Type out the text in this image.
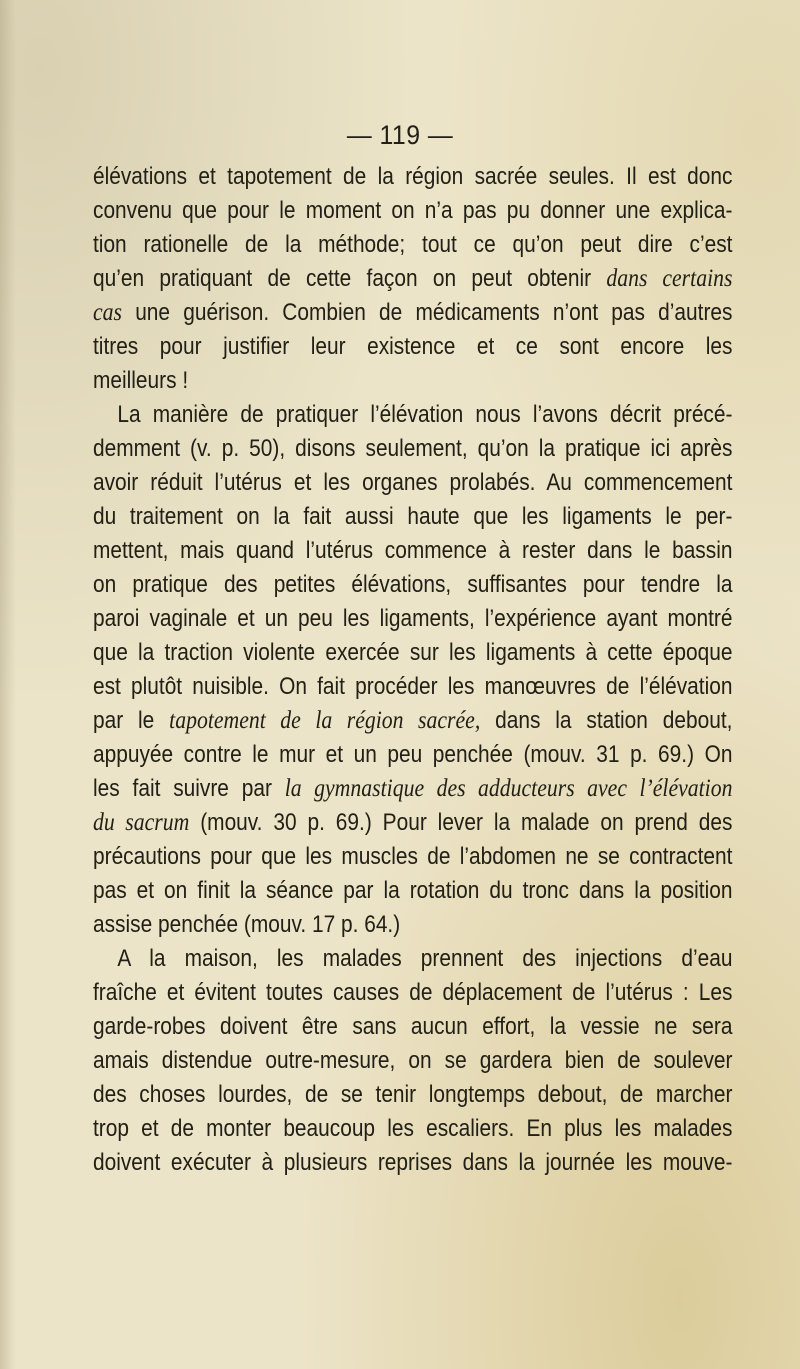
— 119 —
élévations et tapotement de la région sacrée seules. Il est donc
convenu que pour le moment on n’a pas pu donner une explica-
tion rationelle de la méthode; tout ce qu’on peut dire c’est
qu’en pratiquant de cette façon on peut obtenir dans certains
cas une guérison. Combien de médicaments n’ont pas d’autres
titres pour justifier leur existence et ce sont encore les
meilleurs !
La manière de pratiquer l’élévation nous l’avons décrit précé-
demment (v. p. 50), disons seulement, qu’on la pratique ici après
avoir réduit l’utérus et les organes prolabés. Au commencement
du traitement on la fait aussi haute que les ligaments le per-
mettent, mais quand l’utérus commence à rester dans le bassin
on pratique des petites élévations, suffisantes pour tendre la
paroi vaginale et un peu les ligaments, l’expérience ayant montré
que la traction violente exercée sur les ligaments à cette époque
est plutôt nuisible. On fait procéder les manœuvres de l’élévation
par le tapotement de la région sacrée, dans la station debout,
appuyée contre le mur et un peu penchée (mouv. 31 p. 69.) On
les fait suivre par la gymnastique des adducteurs avec l’élévation
du sacrum (mouv. 30 p. 69.) Pour lever la malade on prend des
précautions pour que les muscles de l’abdomen ne se contractent
pas et on finit la séance par la rotation du tronc dans la position
assise penchée (mouv. 17 p. 64.)
A la maison, les malades prennent des injections d’eau
fraîche et évitent toutes causes de déplacement de l’utérus : Les
garde-robes doivent être sans aucun effort, la vessie ne sera
amais distendue outre-mesure, on se gardera bien de soulever
des choses lourdes, de se tenir longtemps debout, de marcher
trop et de monter beaucoup les escaliers. En plus les malades
doivent exécuter à plusieurs reprises dans la journée les mouve-
